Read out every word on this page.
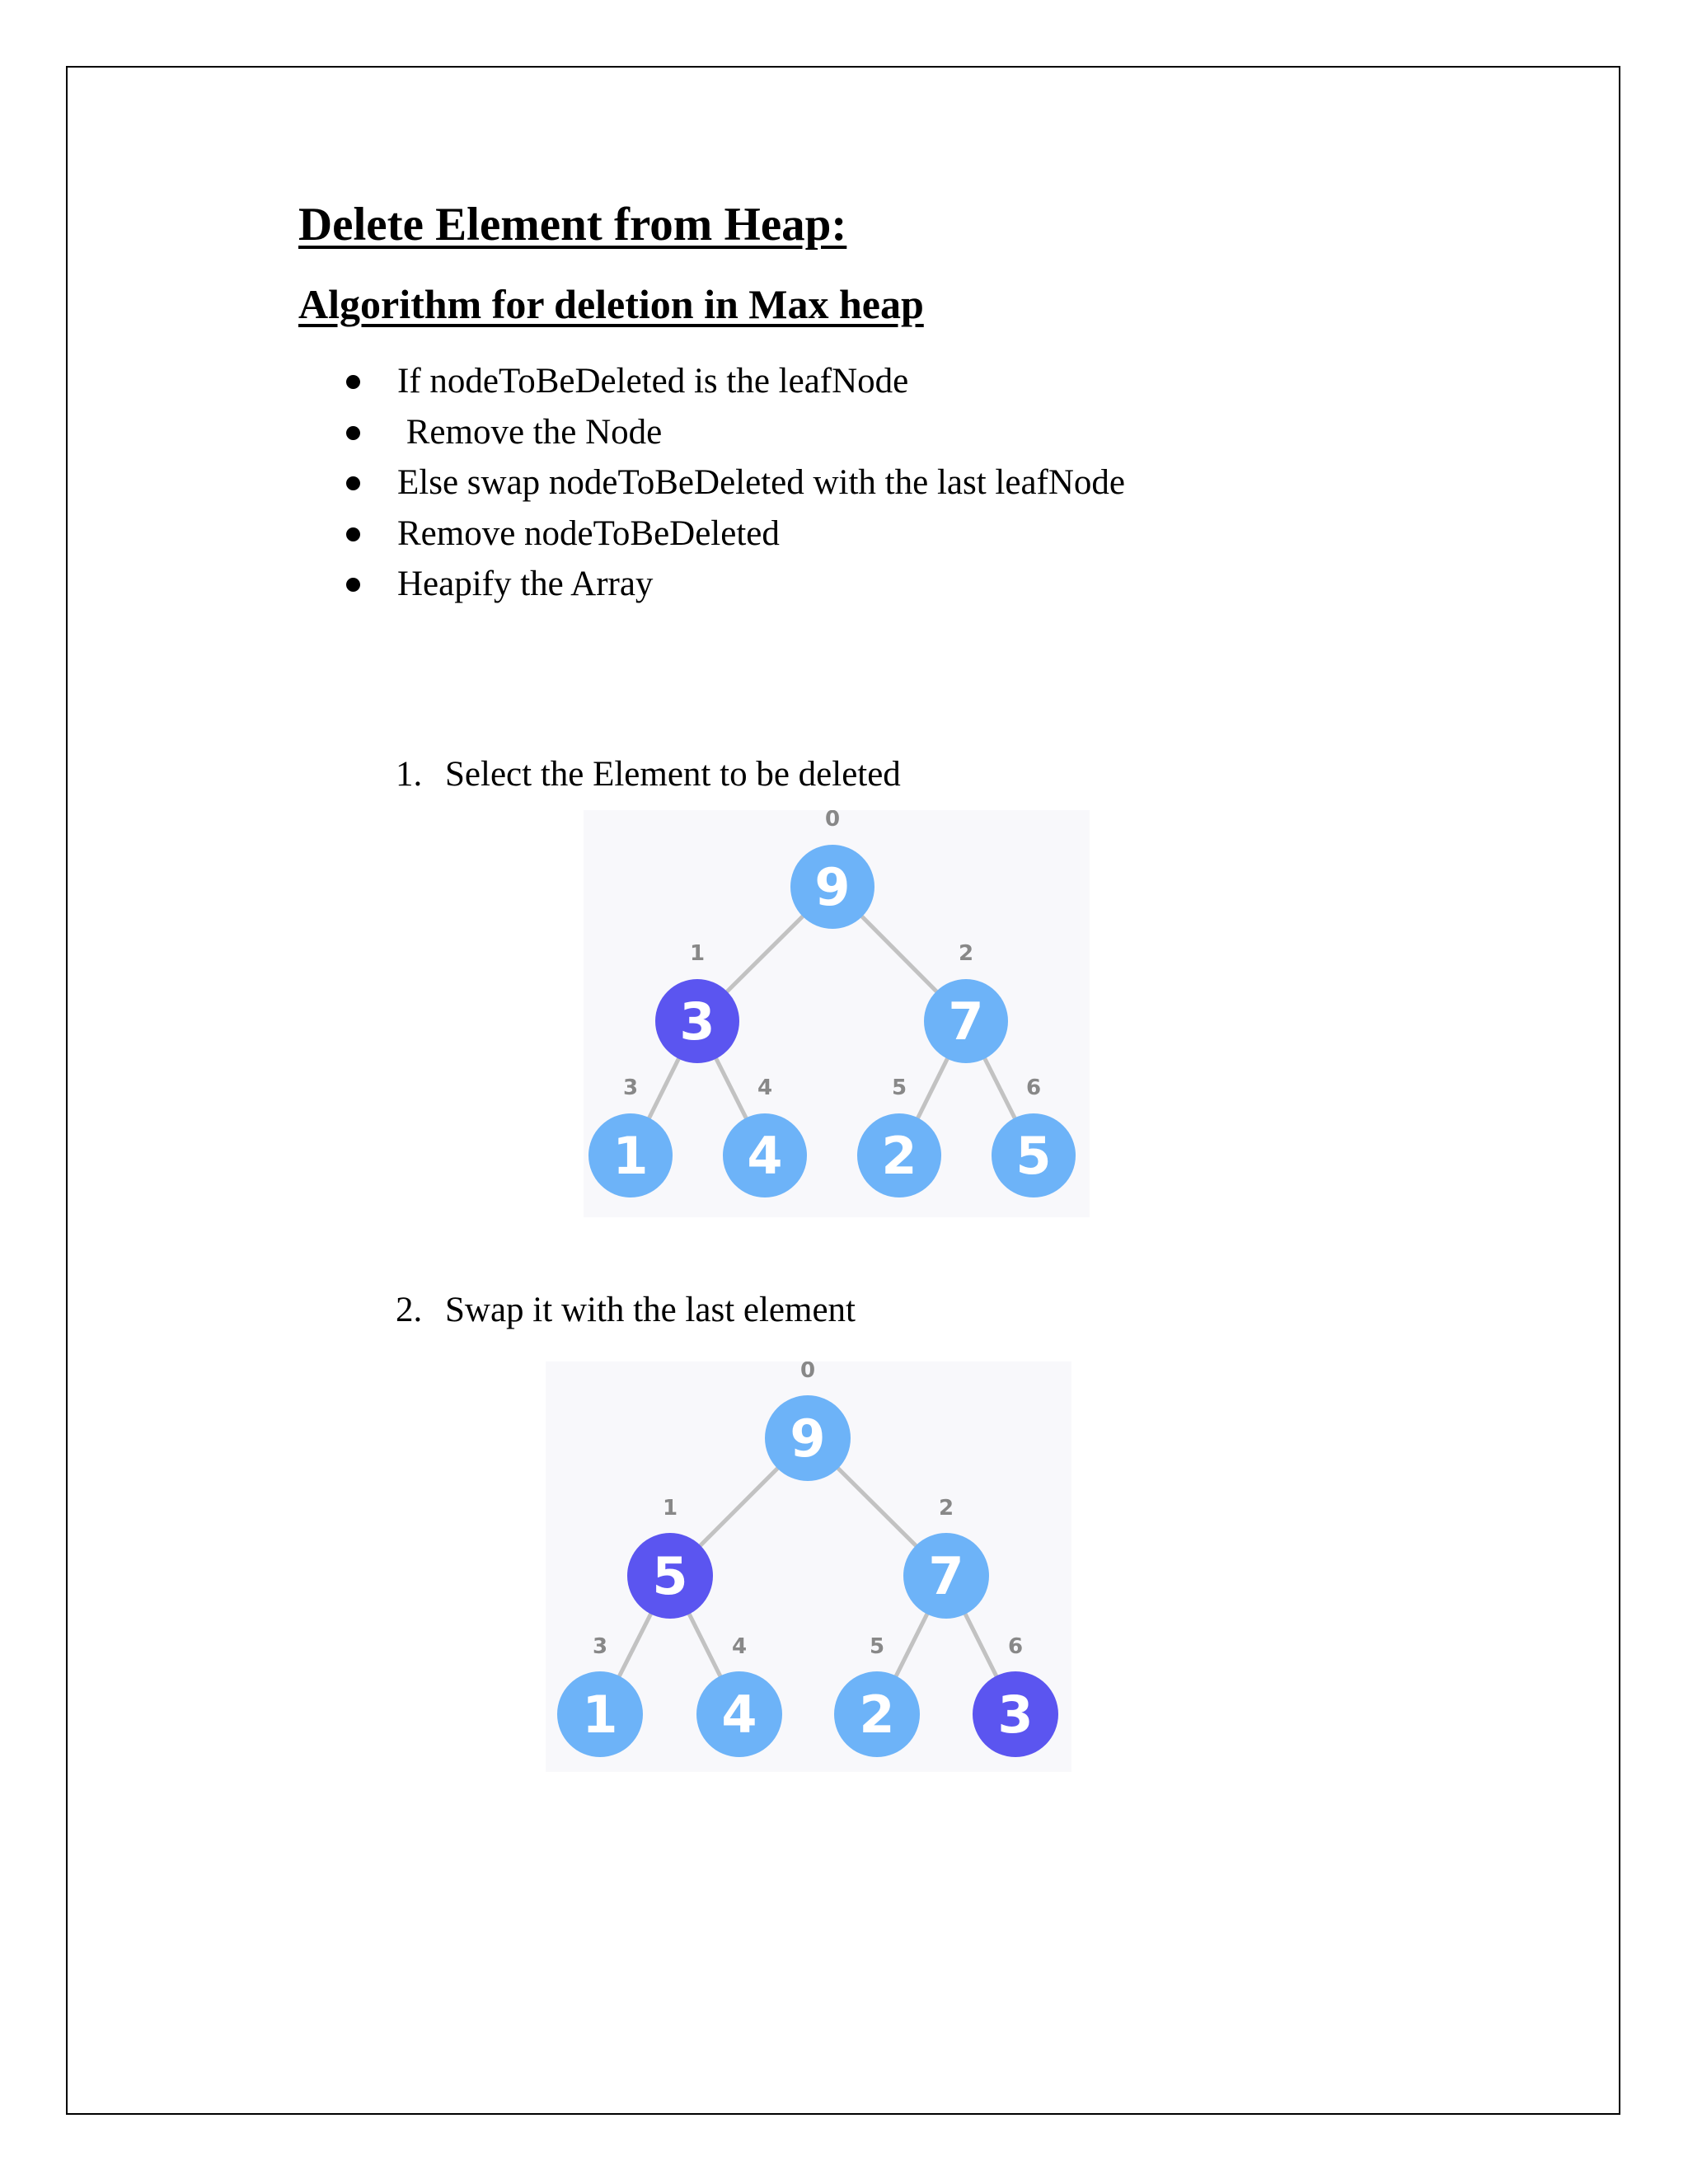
Delete Element from Heap:
Algorithm for deletion in Max heap
If nodeToBeDeleted is the leafNode
Remove the Node
Else swap nodeToBeDeleted with the last leafNode
Remove nodeToBeDeleted
Heapify the Array
1. Select the Element to be deleted
0
9
1
3
2
7
3
1
4
4
5
2
6
5
2. Swap it with the last element
0
9
1
5
2
7
3
1
4
4
5
2
6
3
